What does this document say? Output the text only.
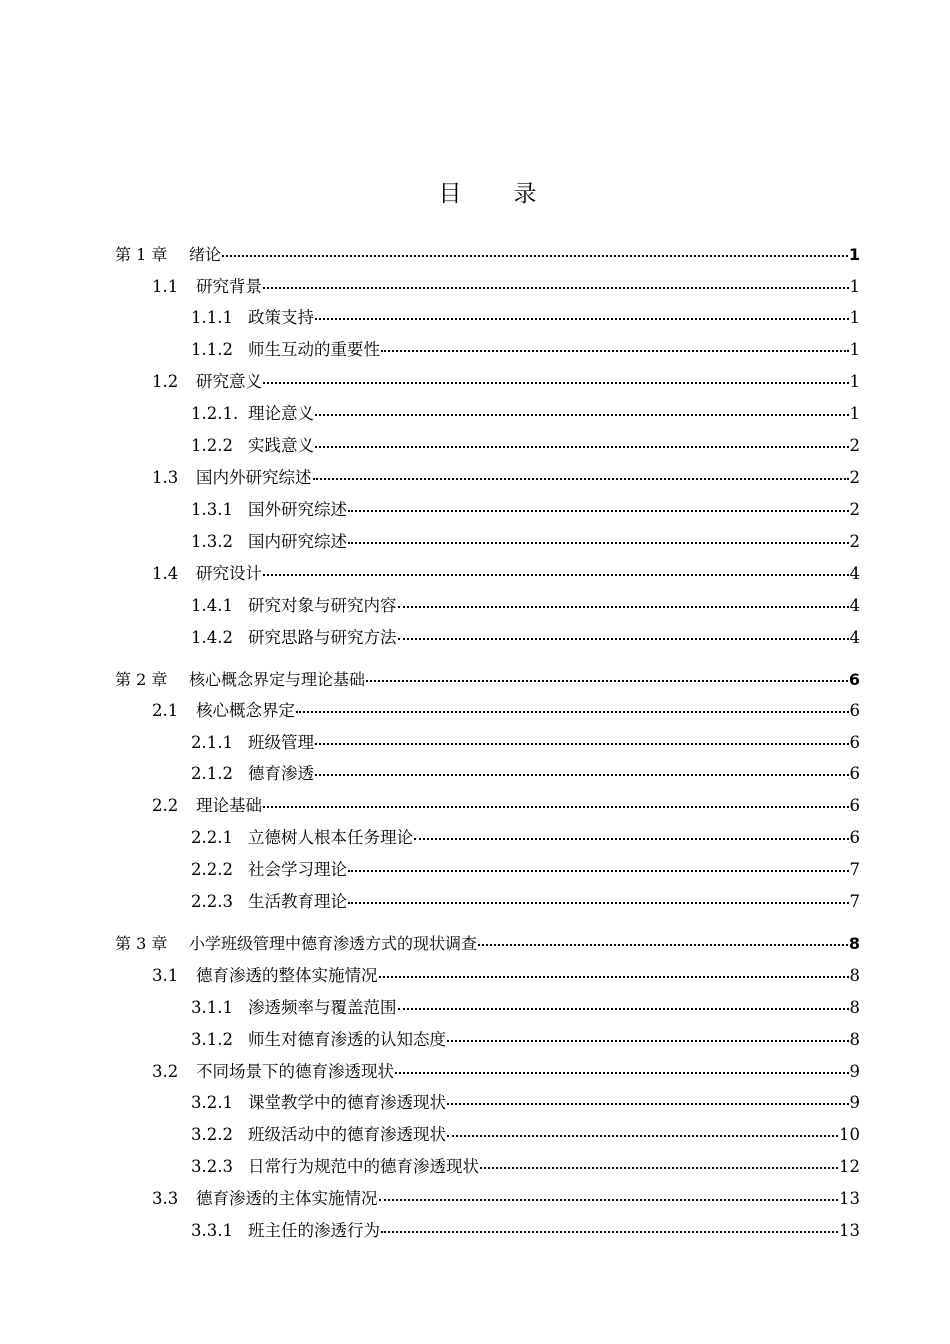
目 录
第 1 章	绪论	1
1.1	研究背景	1
1.1.1 政策支持	1
1.1.2 师生互动的重要性	1
1.2	研究意义	1
1.2.1. 理论意义	1
1.2.2 实践意义	2
1.3	国内外研究综述	2
1.3.1 国外研究综述	2
1.3.2 国内研究综述	2
1.4	研究设计	4
1.4.1 研究对象与研究内容	4
1.4.2 研究思路与研究方法	4
第 2 章	核心概念界定与理论基础	6
2.1	核心概念界定	6
2.1.1 班级管理	6
2.1.2 德育渗透	6
2.2	理论基础	6
2.2.1 立德树人根本任务理论	6
2.2.2 社会学习理论	7
2.2.3 生活教育理论	7
第 3 章	小学班级管理中德育渗透方式的现状调查	8
3.1	德育渗透的整体实施情况	8
3.1.1 渗透频率与覆盖范围	8
3.1.2 师生对德育渗透的认知态度	8
3.2	不同场景下的德育渗透现状	9
3.2.1 课堂教学中的德育渗透现状	9
3.2.2 班级活动中的德育渗透现状	10
3.2.3 日常行为规范中的德育渗透现状	12
3.3	德育渗透的主体实施情况	13
3.3.1 班主任的渗透行为	13
